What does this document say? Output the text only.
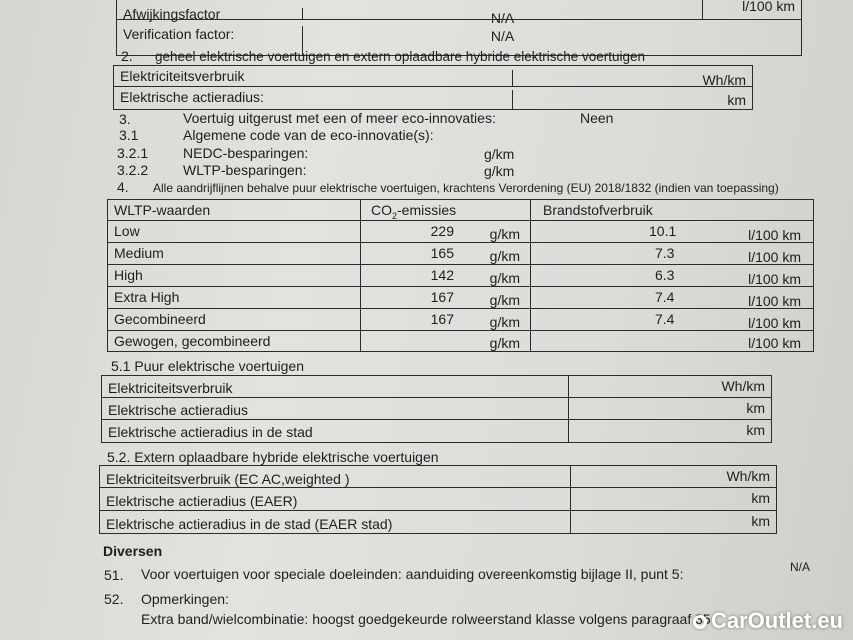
Afwijkingsfactor	N/A
l/100 km
Verification factor:	N/A
2. geheel elektrische voertuigen en extern oplaadbare hybride elektrische voertuigen
Elektriciteitsverbruik	Wh/km
Elektrische actieradius:	km
3.	Voertuig uitgerust met een of meer eco-innovaties:	Neen
3.1	Algemene code van de eco-innovatie(s):
3.2.1 NEDC-besparingen:	g/km
3.2.2 WLTP-besparingen:	g/km
4. Alle aandrijflijnen behalve puur elektrische voertuigen, krachtens Verordening (EU) 2018/1832 (indien van toepassing)
WLTP-waarden	$CO_2$-emissies	Brandstofverbruik
Low	229	g/km	10.1	l/100 km
Medium	165	g/km	7.3	l/100 km
High	142	g/km	6.3	l/100 km
Extra High	167	g/km	7.4	l/100 km
Gecombineerd	167	g/km	7.4	l/100 km
Gewogen, gecombineerd	g/km	l/100 km
5.1 Puur elektrische voertuigen
Elektriciteitsverbruik	Wh/km
Elektrische actieradius	km
Elektrische actieradius in de stad	km
5.2. Extern oplaadbare hybride elektrische voertuigen
Elektriciteitsverbruik (EC AC,weighted )	Wh/km
Elektrische actieradius (EAER)	km
Elektrische actieradius in de stad (EAER stad)	km
Diversen
51. Voor voertuigen voor speciale doeleinden: aanduiding overeenkomstig bijlage II, punt 5:	N/A
52. Opmerkingen:
Extra band/wielcombinatie: hoogst goedgekeurde rolweerstand klasse volgens paragraaf 35 CarOutlet.eu
